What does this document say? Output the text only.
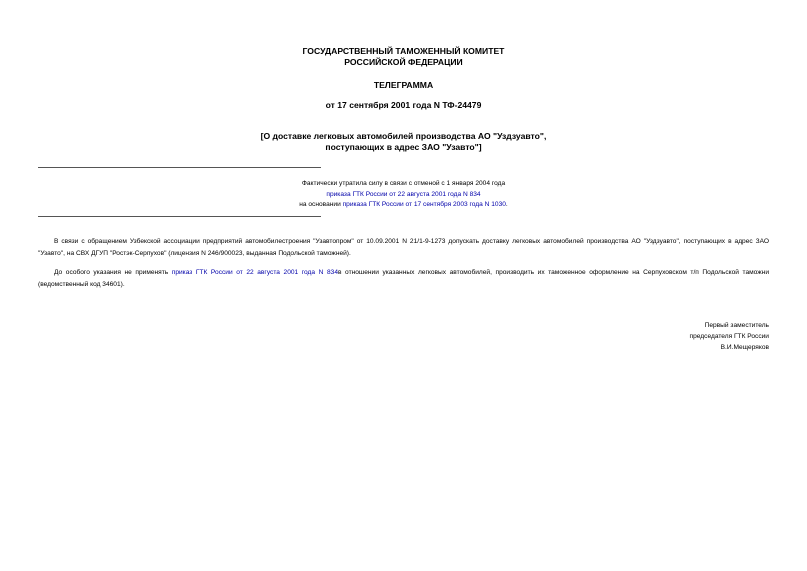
ГОСУДАРСТВЕННЫЙ ТАМОЖЕННЫЙ КОМИТЕТ
РОССИЙСКОЙ ФЕДЕРАЦИИ
ТЕЛЕГРАММА
от 17 сентября 2001 года N ТФ-24479
[О доставке легковых автомобилей производства АО "Уздзуавто",
поступающих в адрес ЗАО "Узавто"]
Фактически утратила силу в связи с отменой с 1 января 2004 года
приказа ГТК России от 22 августа 2001 года N 834
на основании приказа ГТК России от 17 сентября 2003 года N 1030.

В связи с обращением Узбекской ассоциации предприятий автомобилестроения "Узавтопром" от 10.09.2001 N 21/1-9-1273 допускать доставку легковых автомобилей производства АО "Уздзуавто", поступающих в адрес ЗАО "Узавто", на СВХ ДГУП "Ростэк-Серпухов" (лицензия N 246/900023, выданная Подольской таможней).

До особого указания не применять приказ ГТК России от 22 августа 2001 года N 834в отношении указанных легковых автомобилей, производить их таможенное оформление на Серпуховском т/п Подольской таможни (ведомственный код 34601).

Первый заместитель
председателя ГТК России
В.И.Мещеряков
